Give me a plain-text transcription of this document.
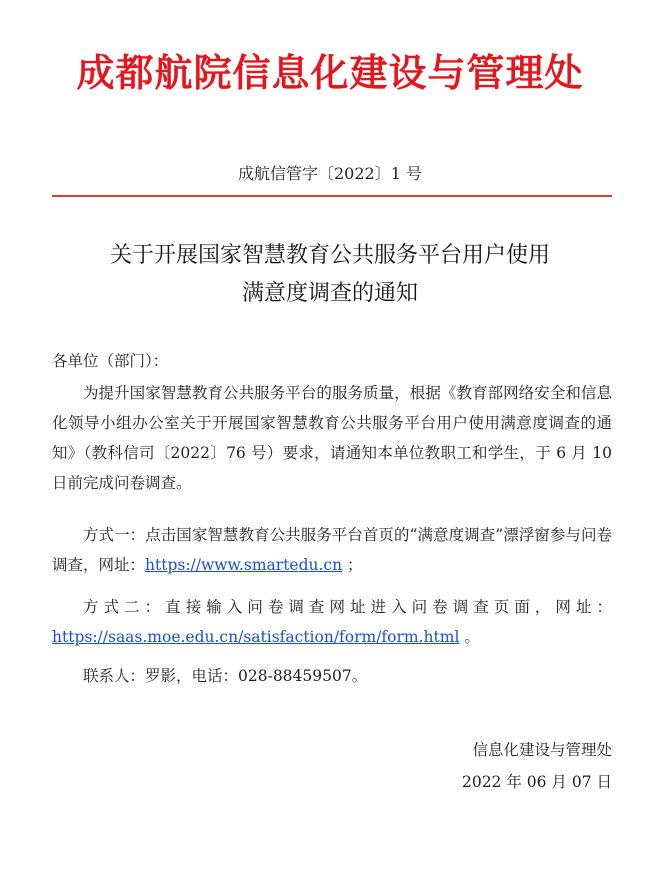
成都航院信息化建设与管理处
成航信管字〔2022〕1 号
关于开展国家智慧教育公共服务平台用户使用
满意度调查的通知

各单位（部门）：

为提升国家智慧教育公共服务平台的服务质量，根据《教育部网络安全和信息化领导小组办公室关于开展国家智慧教育公共服务平台用户使用满意度调查的通知》（教科信司〔2022〕76 号）要求，请通知本单位教职工和学生，于 6 月 10 日前完成问卷调查。

方式一：点击国家智慧教育公共服务平台首页的“满意度调查”漂浮窗参与问卷调查，网址：https://www.smartedu.cn ；

方式二：直接输入问卷调查网址进入问卷调查页面，网址：https://saas.moe.edu.cn/satisfaction/form/form.html 。

联系人：罗影，电话：028-88459507。

信息化建设与管理处
2022 年 06 月 07 日
